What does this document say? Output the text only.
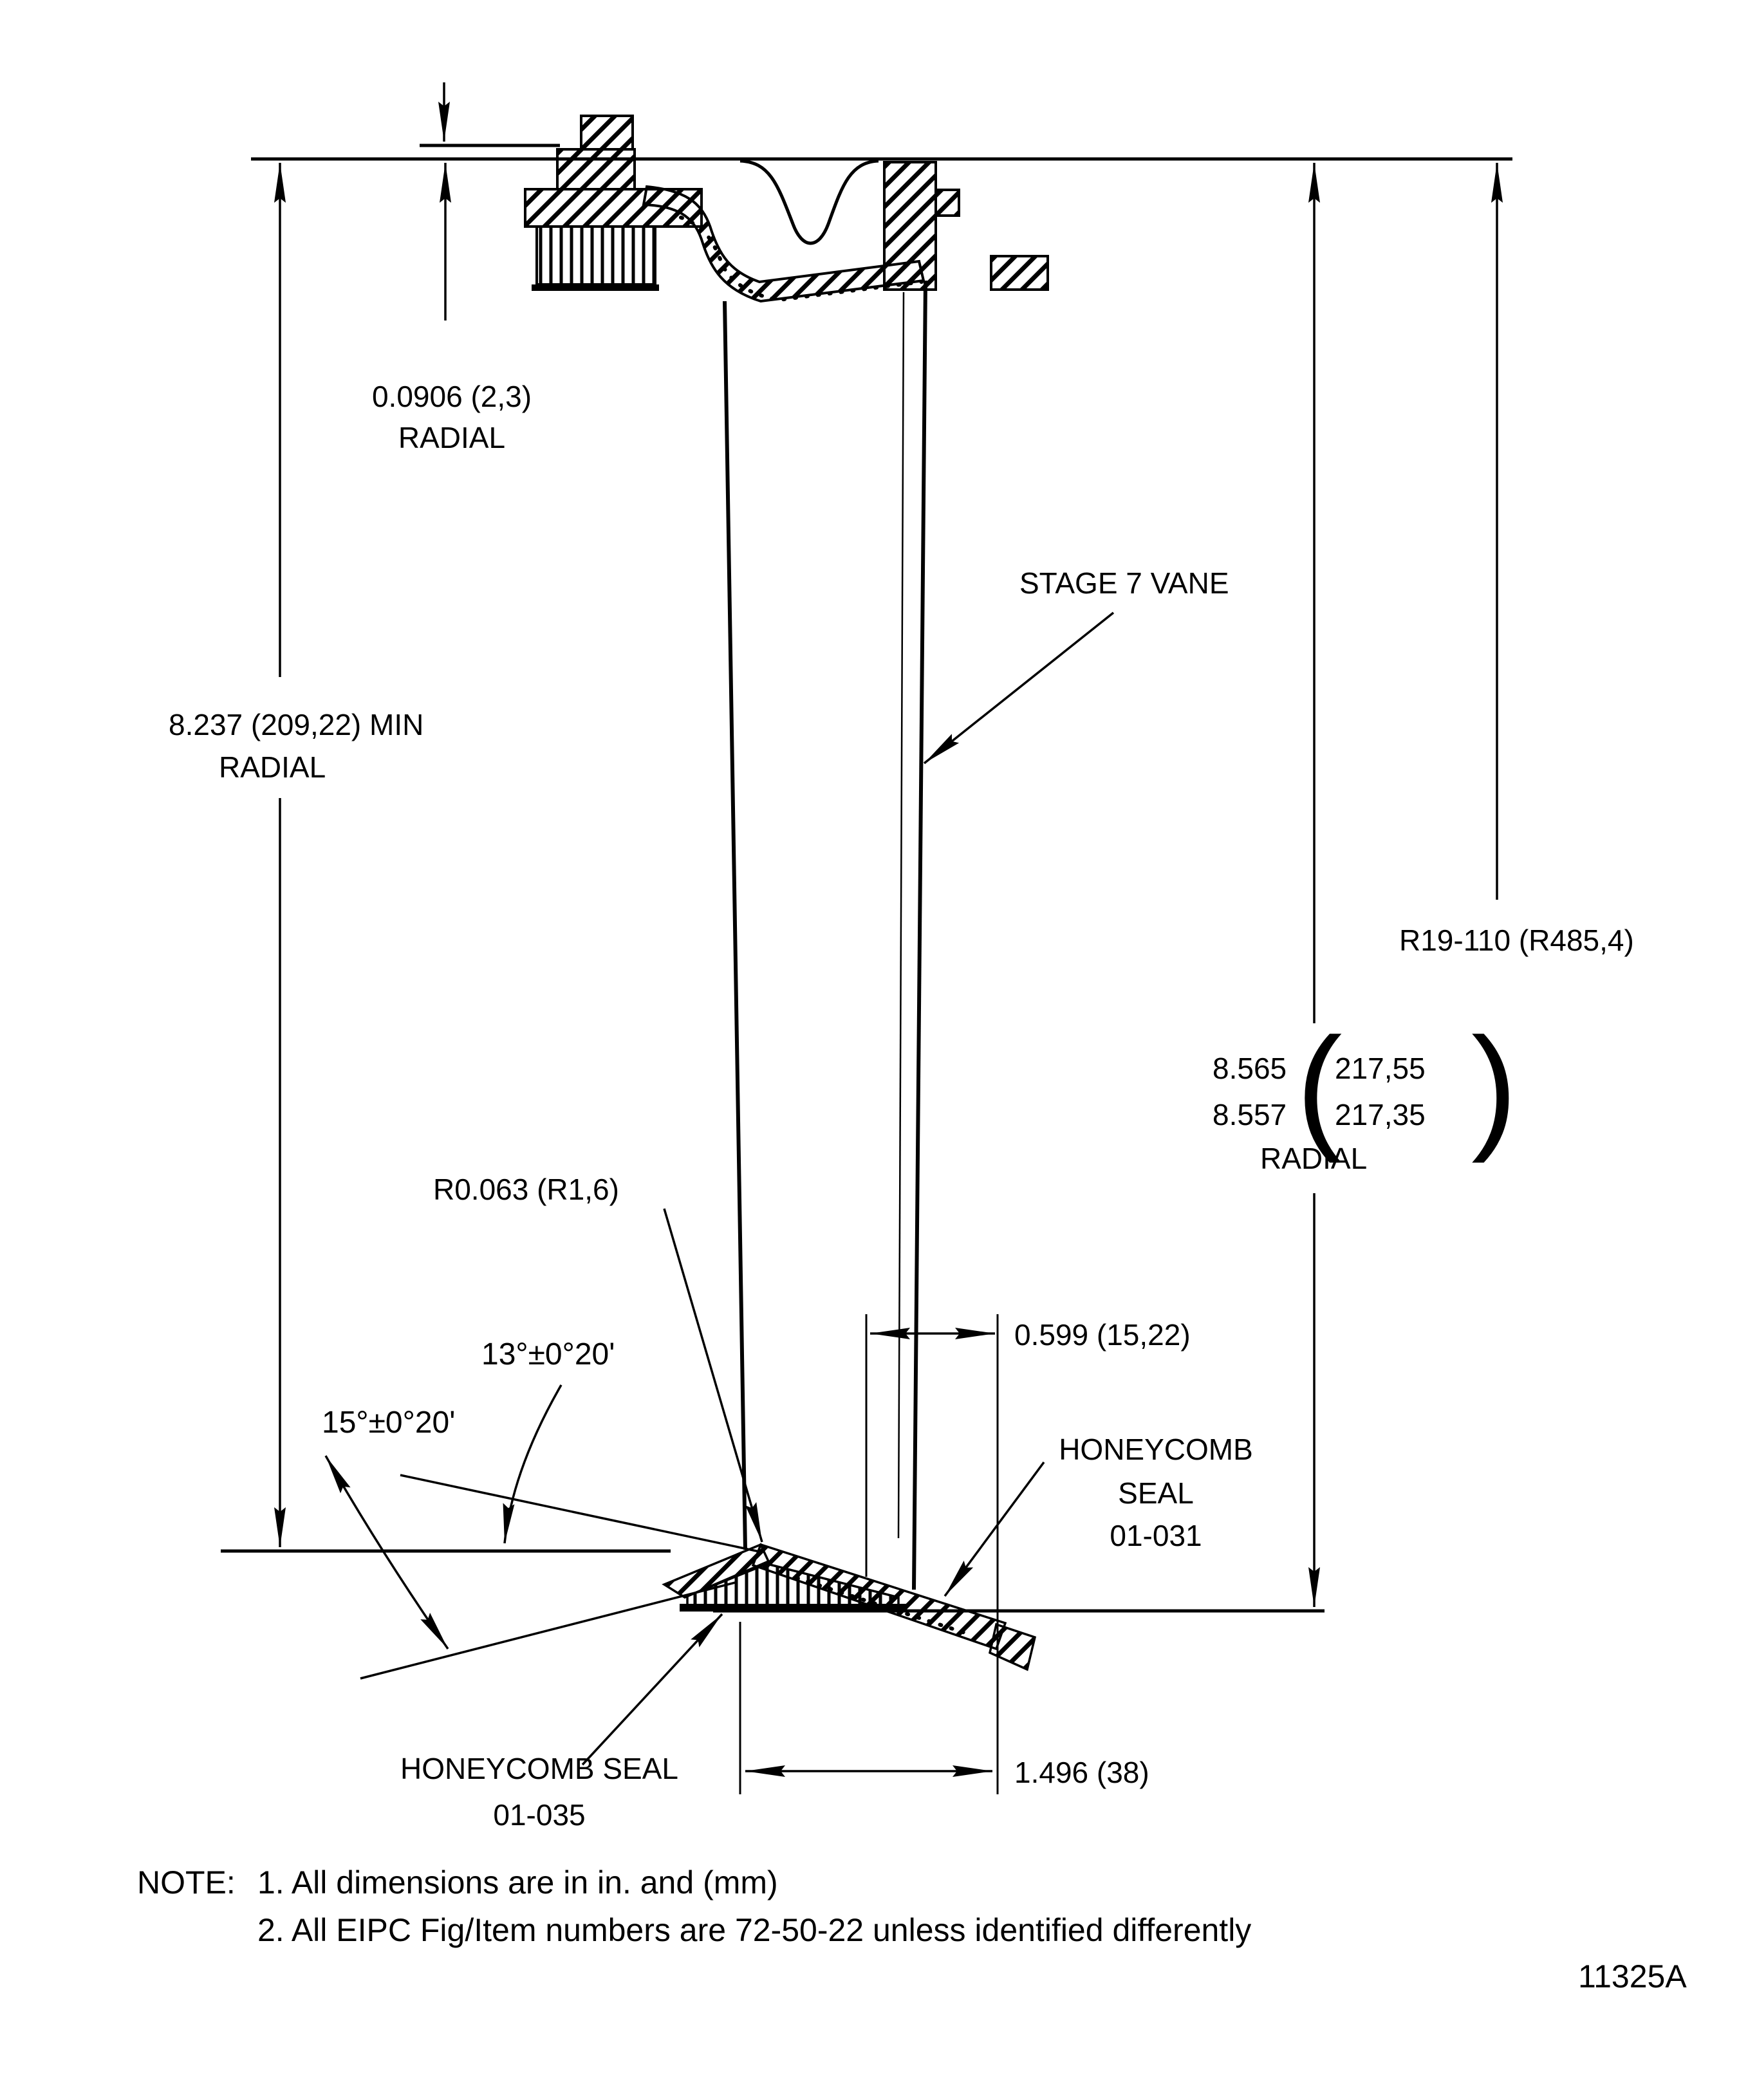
0.0906 (2,3)
RADIAL
8.237 (209,22) MIN
RADIAL
STAGE 7 VANE
R19-110 (R485,4)
8.565
8.557 (
217,55
217,35 )
RADIAL
R0.063 (R1,6)
13°±0°20'
15°±0°20'
0.599 (15,22)
HONEYCOMB
SEAL
01-031
HONEYCOMB SEAL
01-035
1.496 (38)
NOTE: 1. All dimensions are in in. and (mm)
2. All EIPC Fig/Item numbers are 72-50-22 unless identified differently
11325A
